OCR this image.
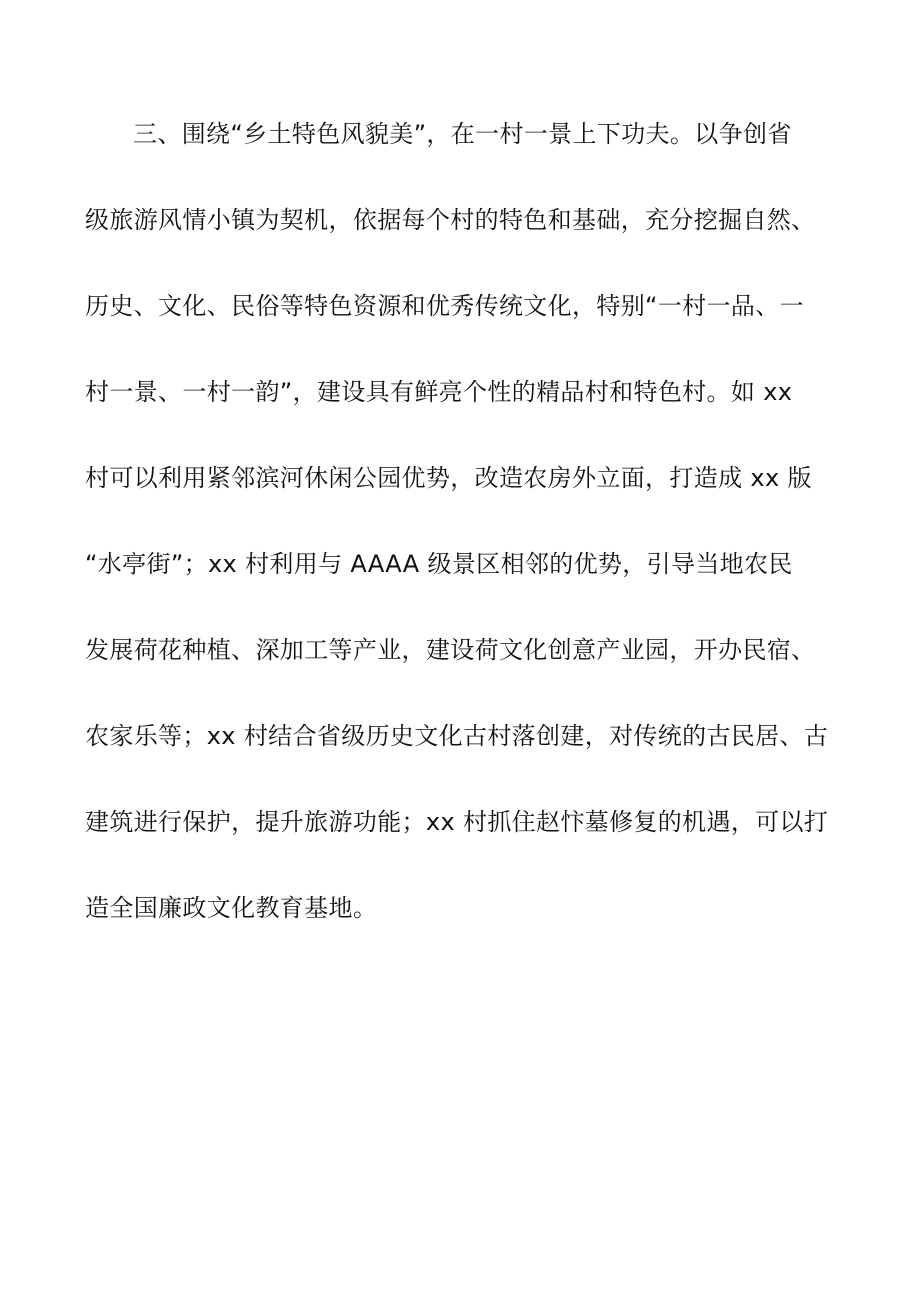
三、围绕“乡土特色风貌美”，在一村一景上下功夫。以争创省
级旅游风情小镇为契机，依据每个村的特色和基础，充分挖掘自然、
历史、文化、民俗等特色资源和优秀传统文化，特别“一村一品、一
村一景、一村一韵”，建设具有鲜亮个性的精品村和特色村。如 xx
村可以利用紧邻滨河休闲公园优势，改造农房外立面，打造成 xx 版
“水亭街”；xx 村利用与 AAAA 级景区相邻的优势，引导当地农民
发展荷花种植、深加工等产业，建设荷文化创意产业园，开办民宿、
农家乐等；xx 村结合省级历史文化古村落创建，对传统的古民居、古
建筑进行保护，提升旅游功能；xx 村抓住赵忭墓修复的机遇，可以打
造全国廉政文化教育基地。
